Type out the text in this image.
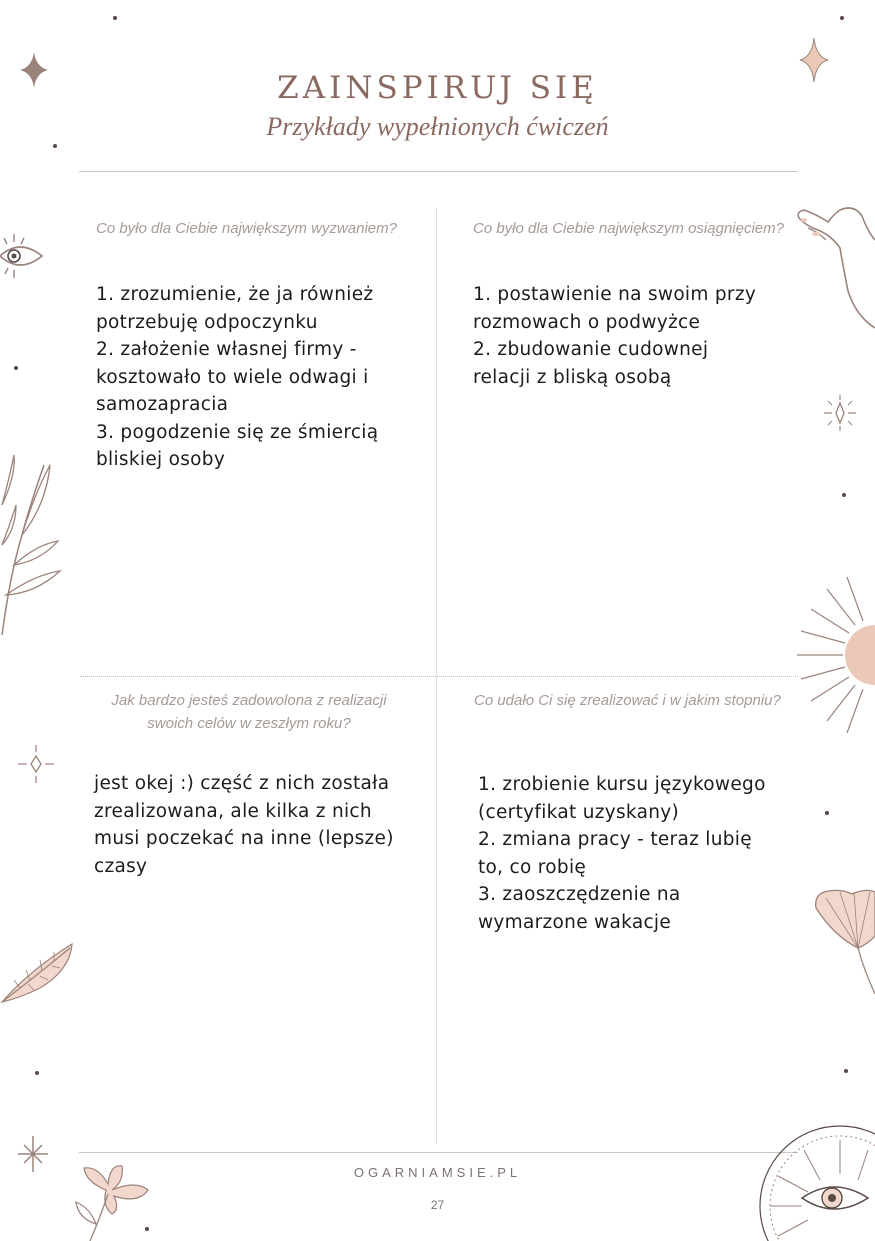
ZAINSPIRUJ SIĘ
Przykłady wypełnionych ćwiczeń
Co było dla Ciebie największym wyzwaniem?
1. zrozumienie, że ja również
potrzebuję odpoczynku
2. założenie własnej firmy -
kosztowało to wiele odwagi i
samozapracia
3. pogodzenie się ze śmiercią
bliskiej osoby
Co było dla Ciebie największym osiągnięciem?
1. postawienie na swoim przy
rozmowach o podwyżce
2. zbudowanie cudownej
relacji z bliską osobą
Jak bardzo jesteś zadowolona z realizacji swoich celów w zeszłym roku?
jest okej :) część z nich została
zrealizowana, ale kilka z nich
musi poczekać na inne (lepsze)
czasy
Co udało Ci się zrealizować i w jakim stopniu?
1. zrobienie kursu językowego
(certyfikat uzyskany)
2. zmiana pracy - teraz lubię
to, co robię
3. zaoszczędzenie na
wymarzone wakacje
OGARNIAMSIE.PL
27
